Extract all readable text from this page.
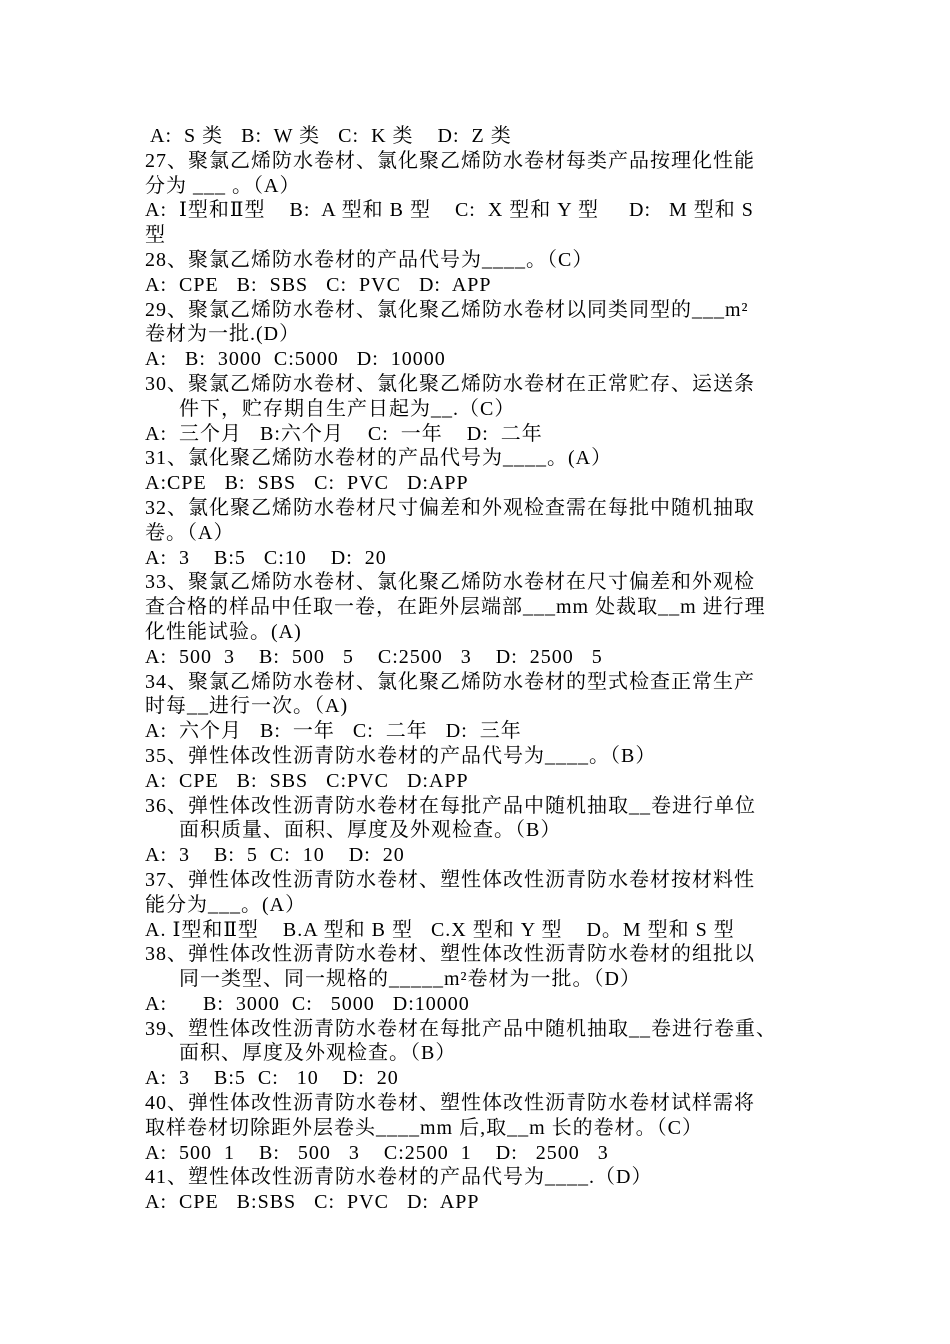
A:  S 类   B:  W 类   C:  K 类    D:  Z 类
27、聚氯乙烯防水卷材、氯化聚乙烯防水卷材每类产品按理化性能
分为 ___ 。（A）
A:  Ⅰ型和Ⅱ型    B:  A 型和 B 型    C:  X 型和 Y 型     D:   M 型和 S
型
28、聚氯乙烯防水卷材的产品代号为____。（C）
A:  CPE   B:  SBS   C:  PVC   D:  APP
29、聚氯乙烯防水卷材、氯化聚乙烯防水卷材以同类同型的___m²
卷材为一批.(D）
A:   B:  3000  C:5000   D:  10000
30、聚氯乙烯防水卷材、氯化聚乙烯防水卷材在正常贮存、运送条
件下，贮存期自生产日起为__.（C）
A:  三个月   B:六个月    C:  一年    D:  二年
31、氯化聚乙烯防水卷材的产品代号为____。(A）
A:CPE   B:  SBS   C:  PVC   D:APP
32、氯化聚乙烯防水卷材尺寸偏差和外观检查需在每批中随机抽取
卷。（A）
A:  3    B:5   C:10    D:  20
33、聚氯乙烯防水卷材、氯化聚乙烯防水卷材在尺寸偏差和外观检
查合格的样品中任取一卷，在距外层端部___mm 处裁取__m 进行理
化性能试验。(A)
A:  500  3    B:  500   5    C:2500   3    D:  2500   5
34、聚氯乙烯防水卷材、氯化聚乙烯防水卷材的型式检查正常生产
时每__进行一次。（A)
A:  六个月   B:  一年   C:  二年   D:  三年
35、弹性体改性沥青防水卷材的产品代号为____。（B）
A:  CPE   B:  SBS   C:PVC   D:APP
36、弹性体改性沥青防水卷材在每批产品中随机抽取__卷进行单位
面积质量、面积、厚度及外观检查。（B）
A:  3    B:  5  C:  10    D:  20
37、弹性体改性沥青防水卷材、塑性体改性沥青防水卷材按材料性
能分为___。(A）
A. Ⅰ型和Ⅱ型    B.A 型和 B 型   C.X 型和 Y 型    D。M 型和 S 型
38、弹性体改性沥青防水卷材、塑性体改性沥青防水卷材的组批以
同一类型、同一规格的_____m²卷材为一批。（D）
A:      B:  3000  C:   5000   D:10000
39、塑性体改性沥青防水卷材在每批产品中随机抽取__卷进行卷重、
面积、厚度及外观检查。（B）
A:  3    B:5  C:   10    D:  20
40、弹性体改性沥青防水卷材、塑性体改性沥青防水卷材试样需将
取样卷材切除距外层卷头____mm 后,取__m 长的卷材。（C）
A:  500  1    B:   500   3    C:2500  1    D:   2500   3
41、塑性体改性沥青防水卷材的产品代号为____.（D）
A:  CPE   B:SBS   C:  PVC   D:  APP
